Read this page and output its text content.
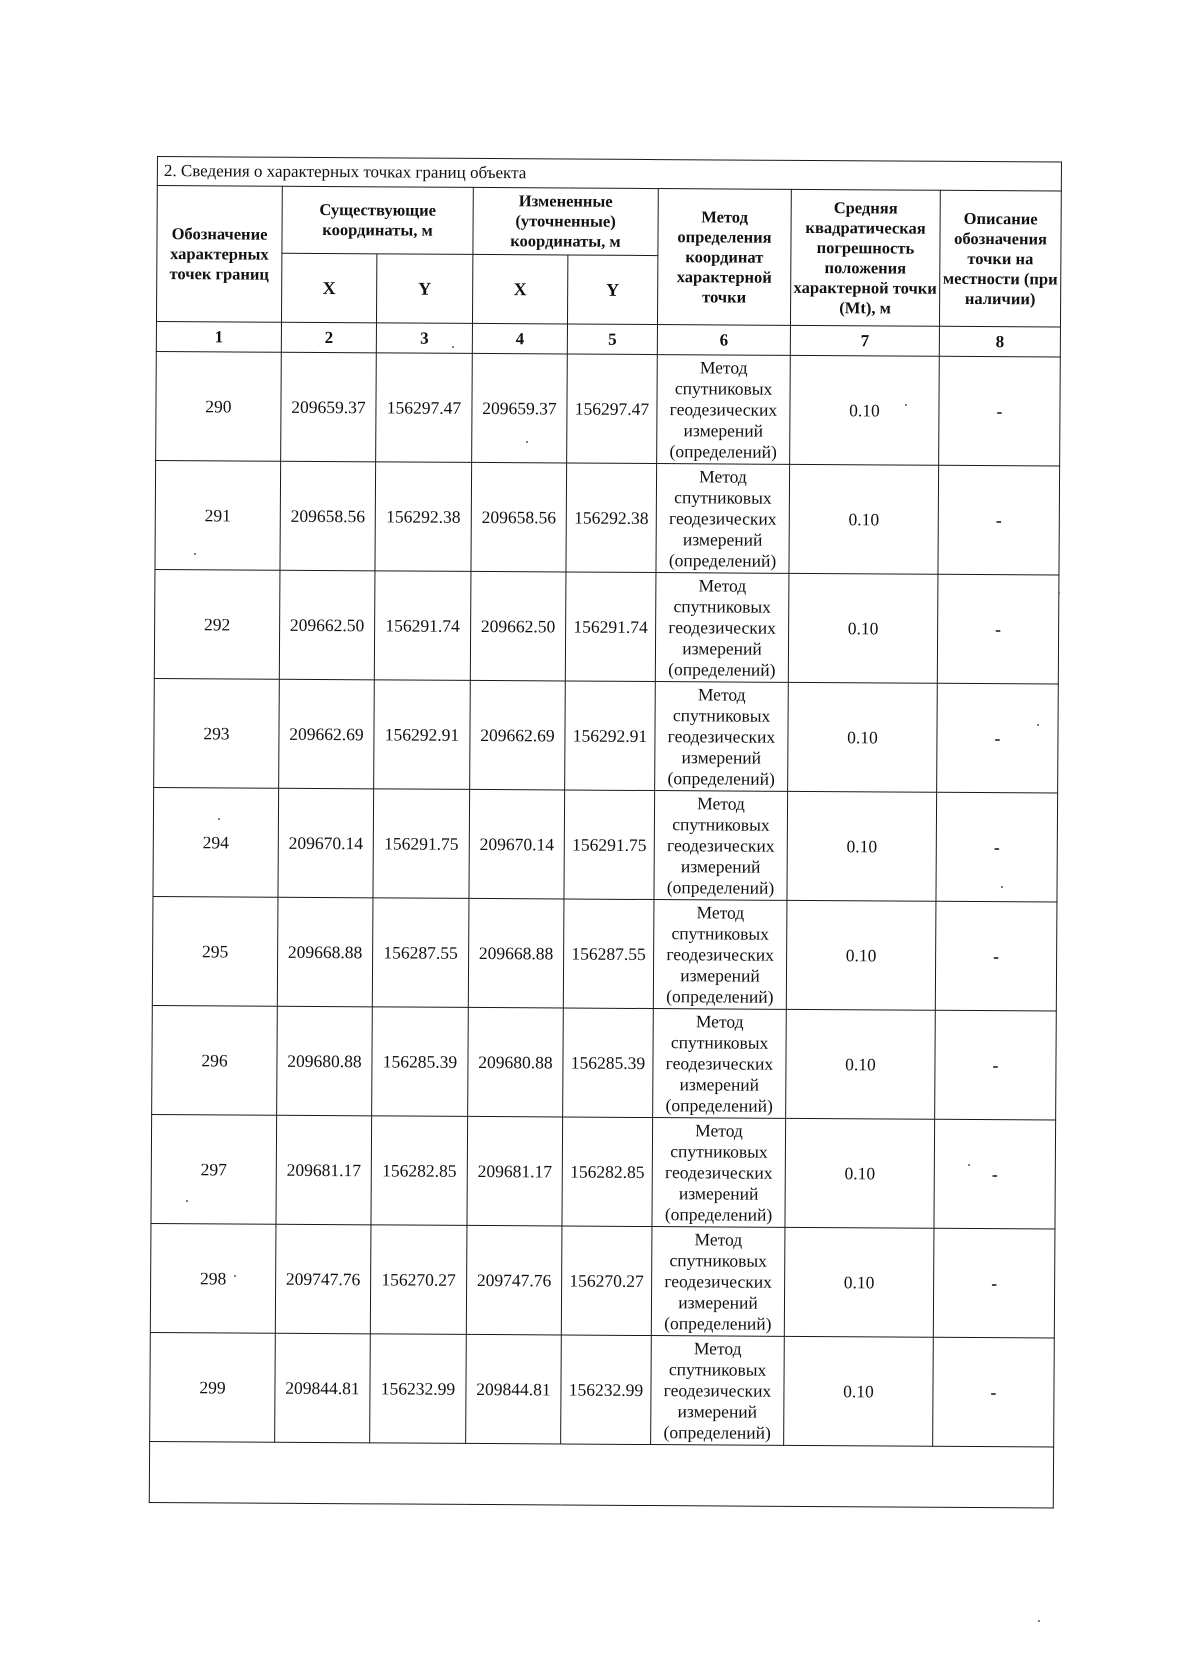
2. Сведения о характерных точках границ объекта							
Обозначение характерных точек границ	Существующие координаты, м		Измененные (уточненные) координаты, м		Метод определения координат характерной точки	Средняя квадратическая погрешность положения характерной точки (Mt), м	Описание обозначения точки на местности (при наличии)
	X	Y	X	Y			
1	2	3	4	5	6	7	8
290	209659.37	156297.47	209659.37	156297.47	Метод
спутниковых
геодезических
измерений
(определений)	0.10	-
291	209658.56	156292.38	209658.56	156292.38	Метод
спутниковых
геодезических
измерений
(определений)	0.10	-
292	209662.50	156291.74	209662.50	156291.74	Метод
спутниковых
геодезических
измерений
(определений)	0.10	-
293	209662.69	156292.91	209662.69	156292.91	Метод
спутниковых
геодезических
измерений
(определений)	0.10	-
294	209670.14	156291.75	209670.14	156291.75	Метод
спутниковых
геодезических
измерений
(определений)	0.10	-
295	209668.88	156287.55	209668.88	156287.55	Метод
спутниковых
геодезических
измерений
(определений)	0.10	-
296	209680.88	156285.39	209680.88	156285.39	Метод
спутниковых
геодезических
измерений
(определений)	0.10	-
297	209681.17	156282.85	209681.17	156282.85	Метод
спутниковых
геодезических
измерений
(определений)	0.10	-
298	209747.76	156270.27	209747.76	156270.27	Метод
спутниковых
геодезических
измерений
(определений)	0.10	-
299	209844.81	156232.99	209844.81	156232.99	Метод
спутниковых
геодезических
измерений
(определений)	0.10	-
